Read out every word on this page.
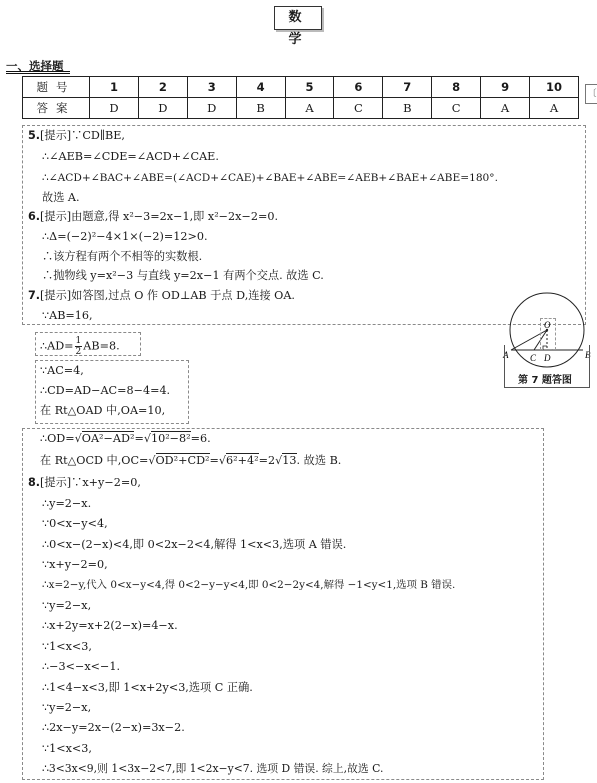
数 学
一、选择题
〔
题号	1	2	3	4	5	6	7	8	9	10
答案	D	D	D	B	A	C	B	C	A	A
5.[提示]∵CD∥BE,
∴∠AEB=∠CDE=∠ACD+∠CAE.
∴∠ACD+∠BAC+∠ABE=(∠ACD+∠CAE)+∠BAE+∠ABE=∠AEB+∠BAE+∠ABE=180°.
故选 A.
6.[提示]由题意,得 x²−3=2x−1,即 x²−2x−2=0.
∴Δ=(−2)²−4×1×(−2)=12>0.
∴该方程有两个不相等的实数根.
∴抛物线 y=x²−3 与直线 y=2x−1 有两个交点. 故选 C.
7.[提示]如答图,过点 O 作 OD⊥AB 于点 D,连接 OA.
∵AB=16,
∴AD= $\frac{1}{2} AB=8$.
∵AC=4,
∴CD=AD−AC=8−4=4.
在 Rt△OAD 中,OA=10,
∴OD=√OA²−AD²=√10²−8²=6.
在 Rt△OCD 中,OC=√OD²+CD²=√6²+4²=2√13. 故选 B.
8.[提示]∵x+y−2=0,
∴y=2−x.
∵0<x−y<4,
∴0<x−(2−x)<4,即 0<2x−2<4,解得 1<x<3,选项 A 错误.
∵x+y−2=0,
∴x=2−y,代入 0<x−y<4,得 0<2−y−y<4,即 0<2−2y<4,解得 −1<y<1,选项 B 错误.
∵y=2−x,
∴x+2y=x+2(2−x)=4−x.
∵1<x<3,
∴−3<−x<−1.
∴1<4−x<3,即 1<x+2y<3,选项 C 正确.
∵y=2−x,
∴2x−y=2x−(2−x)=3x−2.
∵1<x<3,
∴3<3x<9,则 1<3x−2<7,即 1<2x−y<7. 选项 D 错误. 综上,故选 C.
O
A	B
C D
第 7 题答图
